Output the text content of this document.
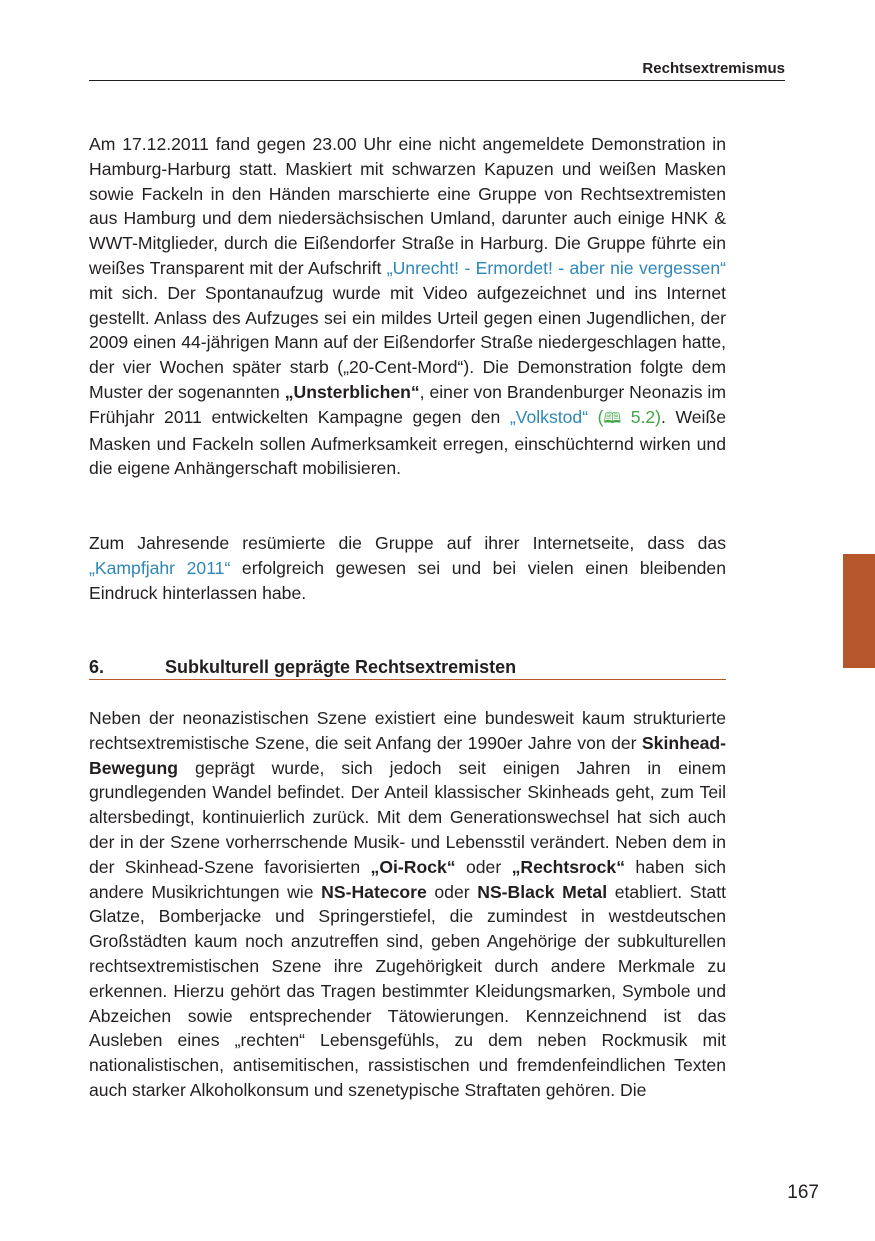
Rechtsextremismus

Am 17.12.2011 fand gegen 23.00 Uhr eine nicht angemeldete Demonstration in Hamburg-Harburg statt. Maskiert mit schwarzen Kapuzen und weißen Masken sowie Fackeln in den Händen marschierte eine Gruppe von Rechtsextremisten aus Hamburg und dem niedersächsischen Umland, darunter auch einige HNK & WWT-Mitglieder, durch die Eißendorfer Straße in Harburg. Die Gruppe führte ein weißes Transparent mit der Aufschrift „Unrecht! - Ermordet! - aber nie vergessen“ mit sich. Der Spontanaufzug wurde mit Video aufgezeichnet und ins Internet gestellt. Anlass des Aufzuges sei ein mildes Urteil gegen einen Jugendlichen, der 2009 einen 44-jährigen Mann auf der Eißendorfer Straße niedergeschlagen hatte, der vier Wochen später starb („20-Cent-Mord“). Die Demonstration folgte dem Muster der sogenannten „Unsterblichen“, einer von Brandenburger Neonazis im Frühjahr 2011 entwickelten Kampagne gegen den „Volkstod“ (🕮 5.2). Weiße Masken und Fackeln sollen Aufmerksamkeit erregen, einschüchternd wirken und die eigene Anhängerschaft mobilisieren.

Zum Jahresende resümierte die Gruppe auf ihrer Internetseite, dass das „Kampfjahr 2011“ erfolgreich gewesen sei und bei vielen einen bleibenden Eindruck hinterlassen habe.

6.	Subkulturell geprägte Rechtsextremisten

Neben der neonazistischen Szene existiert eine bundesweit kaum strukturierte rechtsextremistische Szene, die seit Anfang der 1990er Jahre von der Skinhead-Bewegung geprägt wurde, sich jedoch seit einigen Jahren in einem grundlegenden Wandel befindet. Der Anteil klassischer Skinheads geht, zum Teil altersbedingt, kontinuierlich zurück. Mit dem Generationswechsel hat sich auch der in der Szene vorherrschende Musik- und Lebensstil verändert. Neben dem in der Skinhead-Szene favorisierten „Oi-Rock“ oder „Rechtsrock“ haben sich andere Musikrichtungen wie NS-Hatecore oder NS-Black Metal etabliert. Statt Glatze, Bomberjacke und Springerstiefel, die zumindest in westdeutschen Großstädten kaum noch anzutreffen sind, geben Angehörige der subkulturellen rechtsextremistischen Szene ihre Zugehörigkeit durch andere Merkmale zu erkennen. Hierzu gehört das Tragen bestimmter Kleidungsmarken, Symbole und Abzeichen sowie entsprechender Tätowierungen. Kennzeichnend ist das Ausleben eines „rechten“ Lebensgefühls, zu dem neben Rockmusik mit nationalistischen, antisemitischen, rassistischen und fremdenfeindlichen Texten auch starker Alkoholkonsum und szenetypische Straftaten gehören. Die

167
